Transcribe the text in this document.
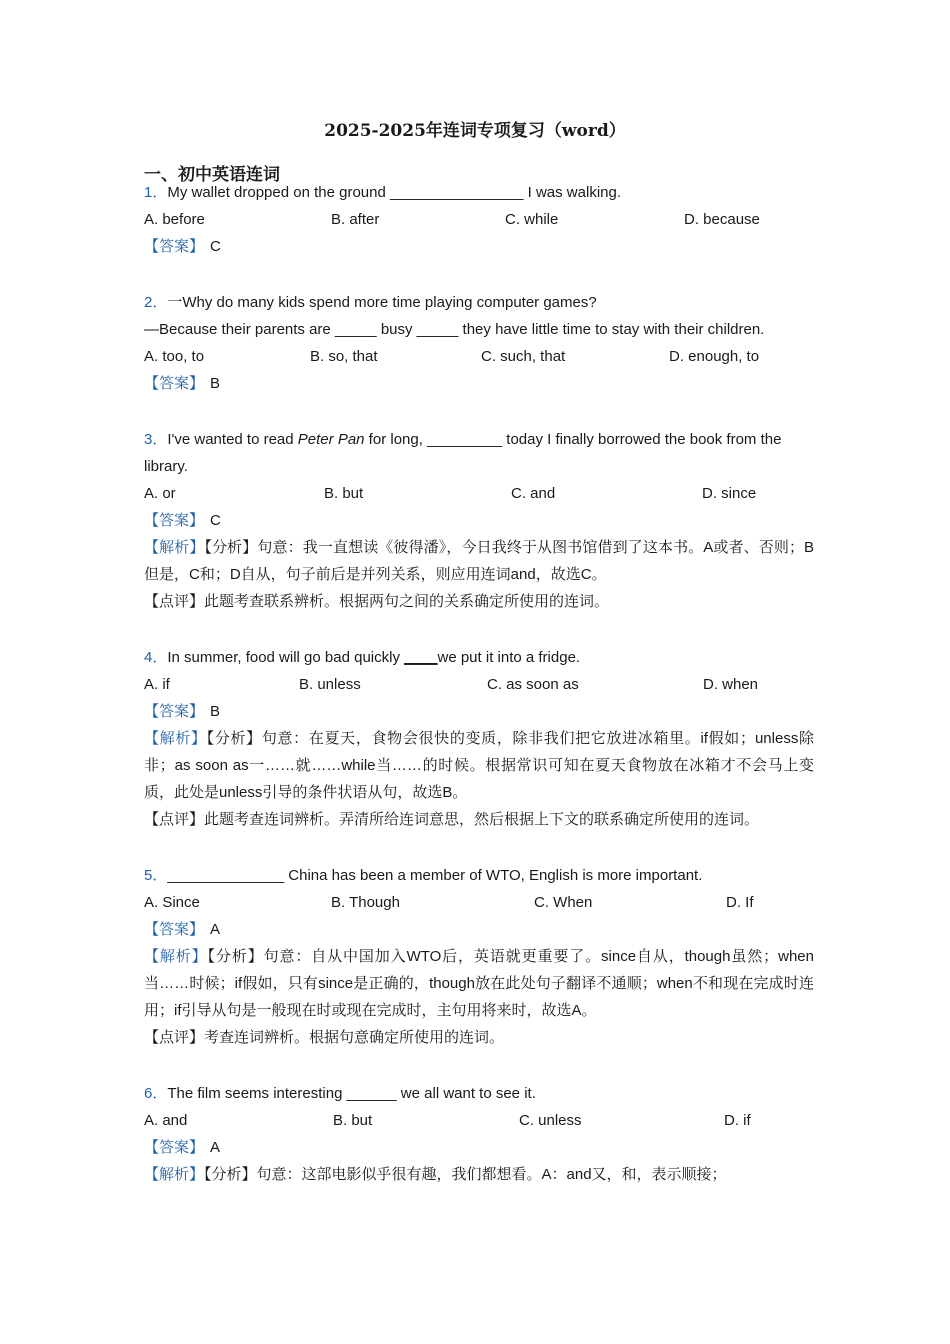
2025-2025年连词专项复习（word）
一、初中英语连词
1．My wallet dropped on the ground ________________ I was walking.
A. before	B. after	C. while	D. because
【答案】 C
2．一Why do many kids spend more time playing computer games?
—Because their parents are _____ busy _____ they have little time to stay with their children.
A. too, to	B. so, that	C. such, that	D. enough, to
【答案】 B
3．I've wanted to read Peter Pan for long, _________ today I finally borrowed the book from the library.
A. or	B. but	C. and	D. since
【答案】 C
【解析】【分析】句意：我一直想读《彼得潘》，今日我终于从图书馆借到了这本书。A或者、否则；B但是，C和；D自从，句子前后是并列关系，则应用连词and，故选C。
【点评】此题考查联系辨析。根据两句之间的关系确定所使用的连词。
4．In summer, food will go bad quickly ____we put it into a fridge.
A. if	B. unless	C. as soon as	D. when
【答案】 B
【解析】【分析】句意：在夏天，食物会很快的变质，除非我们把它放进冰箱里。if假如；unless除非；as soon as一……就……while当……的时候。根据常识可知在夏天食物放在冰箱才不会马上变质，此处是unless引导的条件状语从句，故选B。
【点评】此题考查连词辨析。弄清所给连词意思，然后根据上下文的联系确定所使用的连词。
5．______________ China has been a member of WTO, English is more important.
A. Since	B. Though	C. When	D. If
【答案】 A
【解析】【分析】句意：自从中国加入WTO后，英语就更重要了。since自从，though虽然；when当……时候；if假如，只有since是正确的，though放在此处句子翻译不通顺；when不和现在完成时连用；if引导从句是一般现在时或现在完成时，主句用将来时，故选A。
【点评】考查连词辨析。根据句意确定所使用的连词。
6．The film seems interesting ______ we all want to see it.
A. and	B. but	C. unless	D. if
【答案】 A
【解析】【分析】句意：这部电影似乎很有趣，我们都想看。A：and又，和，表示顺接；
